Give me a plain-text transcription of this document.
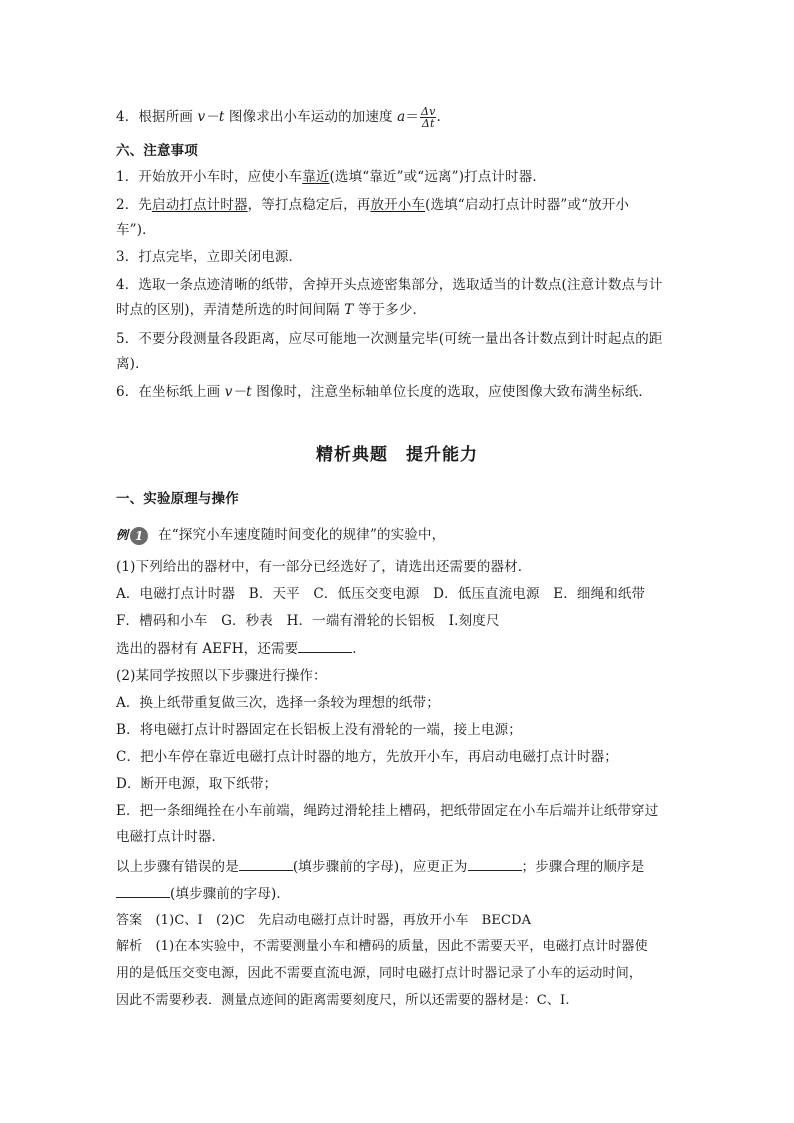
4．根据所画 v－t 图像求出小车运动的加速度 $a= \frac{\Delta v}{\Delta t}$ .
六、注意事项
1．开始放开小车时，应使小车靠近(选填“靠近”或“远离”)打点计时器．
2．先启动打点计时器，等打点稳定后，再放开小车(选填“启动打点计时器”或“放开小
车”)．
3．打点完毕，立即关闭电源．
4．选取一条点迹清晰的纸带，舍掉开头点迹密集部分，选取适当的计数点(注意计数点与计
时点的区别)，弄清楚所选的时间间隔 T 等于多少．
5．不要分段测量各段距离，应尽可能地一次测量完毕(可统一量出各计数点到计时起点的距
离)．
6．在坐标纸上画 v－t 图像时，注意坐标轴单位长度的选取，应使图像大致布满坐标纸．
精析典题　提升能力
一、实验原理与操作
例 1 在“探究小车速度随时间变化的规律”的实验中，
(1)下列给出的器材中，有一部分已经选好了，请选出还需要的器材．
A．电磁打点计时器　B．天平　C．低压交变电源　D．低压直流电源　E．细绳和纸带
F．槽码和小车　G．秒表　H．一端有滑轮的长铝板　I.刻度尺
选出的器材有 AEFH，还需要	．
(2)某同学按照以下步骤进行操作：
A．换上纸带重复做三次，选择一条较为理想的纸带；
B．将电磁打点计时器固定在长铝板上没有滑轮的一端，接上电源；
C．把小车停在靠近电磁打点计时器的地方，先放开小车，再启动电磁打点计时器；
D．断开电源，取下纸带；
E．把一条细绳拴在小车前端，绳跨过滑轮挂上槽码，把纸带固定在小车后端并让纸带穿过
电磁打点计时器．
以上步骤有错误的是	(填步骤前的字母)，应更正为	；步骤合理的顺序是
(填步骤前的字母)．
答案　(1)C、I　(2)C　先启动电磁打点计时器，再放开小车　BECDA
解析　(1)在本实验中，不需要测量小车和槽码的质量，因此不需要天平，电磁打点计时器使
用的是低压交变电源，因此不需要直流电源，同时电磁打点计时器记录了小车的运动时间，
因此不需要秒表．测量点迹间的距离需要刻度尺，所以还需要的器材是：C、I.
